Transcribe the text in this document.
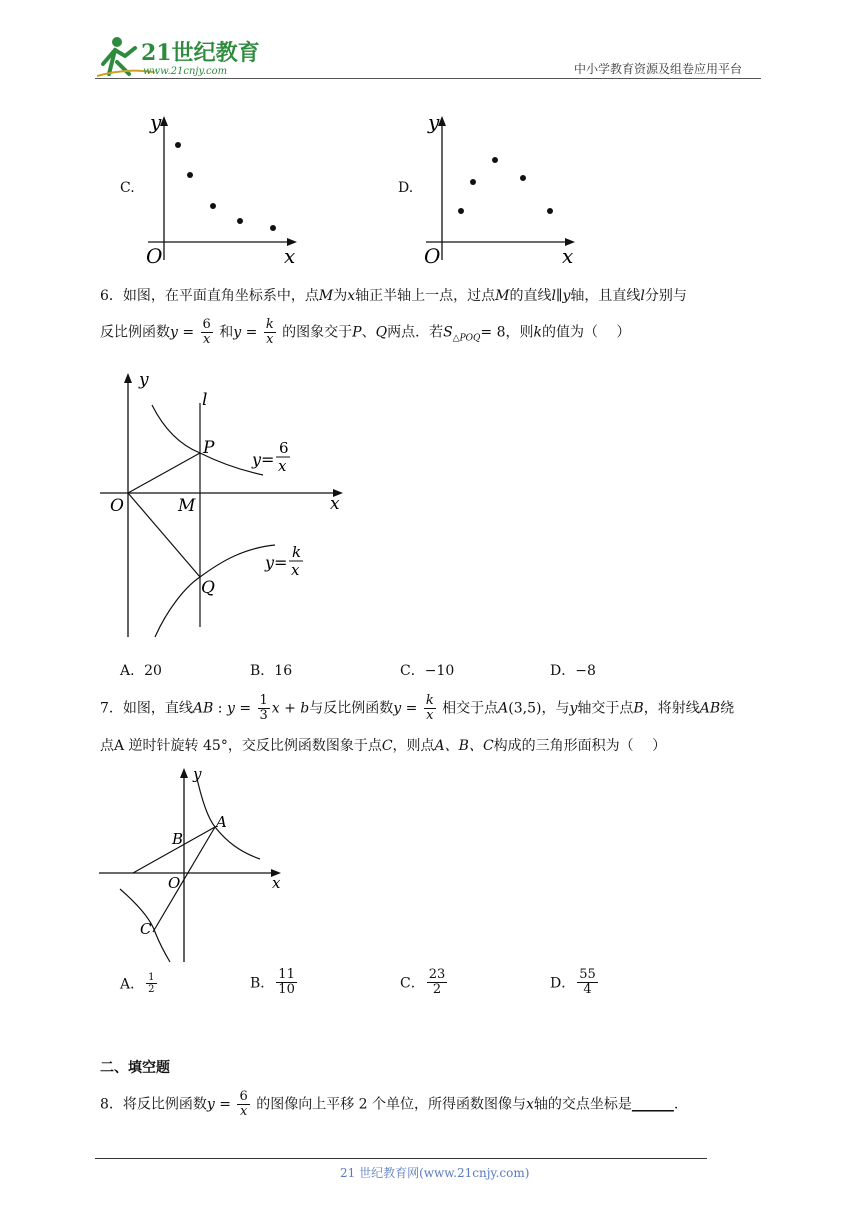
21世纪教育
www.21cnjy.com	中小学教育资源及组卷应用平台
C.
y
x
O
D.
y
x
O
6．如图，在平面直角坐标系中，点M为x轴正半轴上一点，过点M的直线l∥y轴，且直线l分别与
反比例函数$y = \frac{6}{x}$ 和$y = \frac{k}{x}$ 的图象交于P、Q两点．若$S_{\triangle POQ}= 8$，则k的值为（　 ）
y
l
P
y=
6
x
O	M	x
y=
k
x
Q
A．20	B．16	C．−10	D．−8
7．如图，直线AB : $y = \frac{1}{3}$ x + b与反比例函数$y = \frac{k}{x}$ 相交于点A(3,5)，与y轴交于点B，将射线AB绕
点A 逆时针旋转 45°，交反比例函数图象于点C，则点A、B、C构成的三角形面积为（　 ）
y
A
B
O	x
C
A． $\frac{1}{2}$	B． $\frac{11}{10}$	C． $\frac{23}{2}$	D． $\frac{55}{4}$
二、填空题
8．将反比例函数$y = \frac{6}{x}$ 的图像向上平移 2 个单位，所得函数图像与x轴的交点坐标是______.
21 世纪教育网(www.21cnjy.com)
